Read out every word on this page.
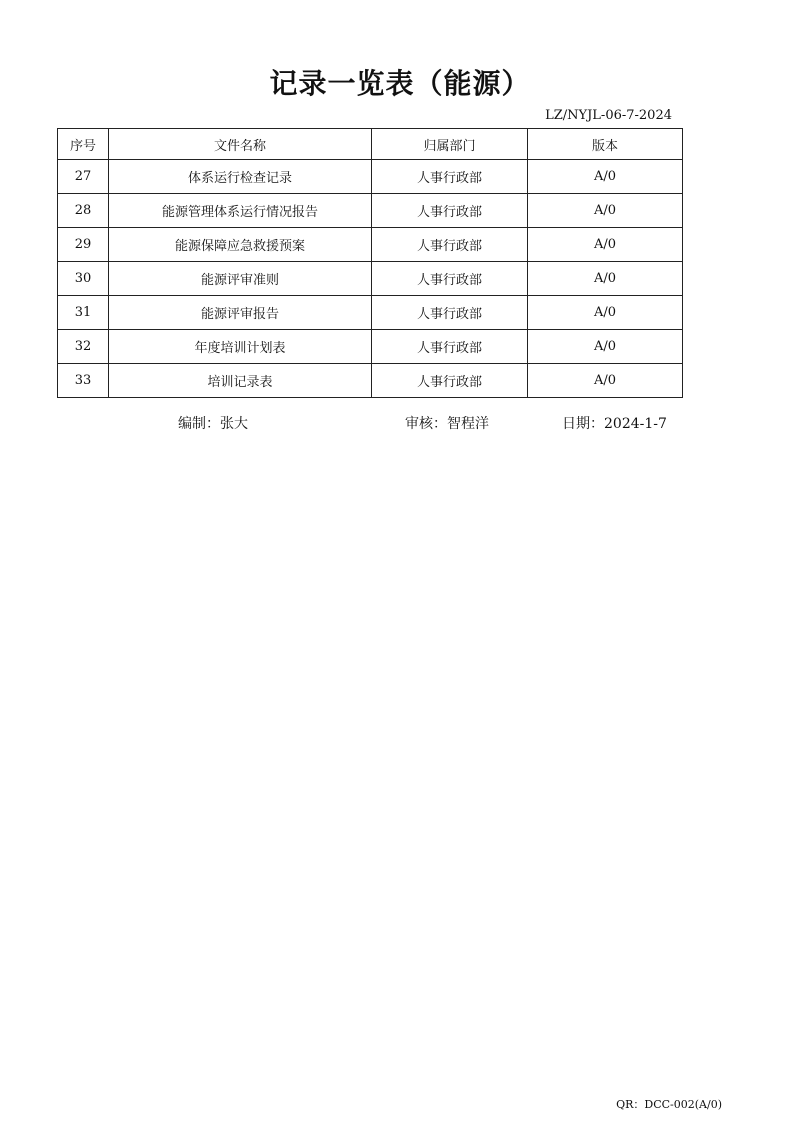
记录一览表（能源）
LZ/NYJL-06-7-2024
序号	文件名称	归属部门	版本
27	体系运行检查记录	人事行政部	A/0
28	能源管理体系运行情况报告	人事行政部	A/0
29	能源保障应急救援预案	人事行政部	A/0
30	能源评审准则	人事行政部	A/0
31	能源评审报告	人事行政部	A/0
32	年度培训计划表	人事行政部	A/0
33	培训记录表	人事行政部	A/0
编制：张大	审核：智程洋	日期：2024-1-7
QR：DCC-002(A/0)
